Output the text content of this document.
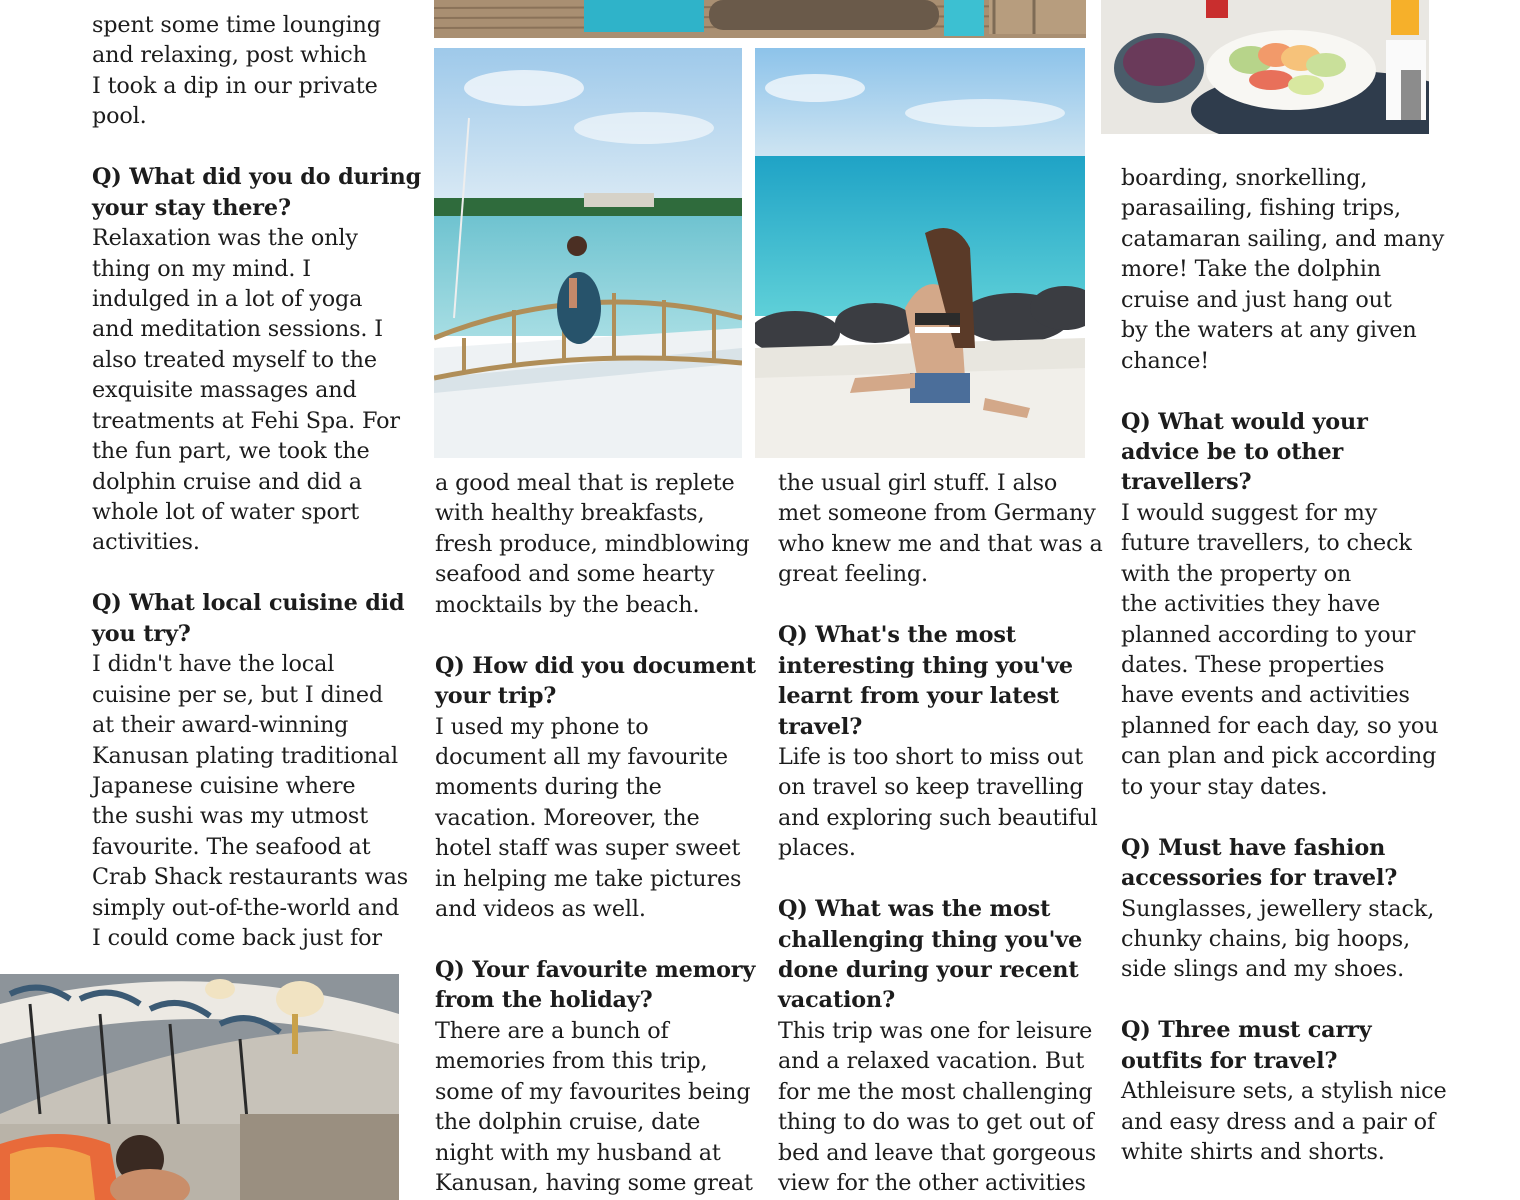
spent some time lounging
and relaxing, post which
I took a dip in our private
pool.
Q) What did you do during
your stay there?
Relaxation was the only
thing on my mind. I
indulged in a lot of yoga
and meditation sessions. I
also treated myself to the
exquisite massages and
treatments at Fehi Spa. For
the fun part, we took the
dolphin cruise and did a
whole lot of water sport
activities.
Q) What local cuisine did
you try?
I didn't have the local
cuisine per se, but I dined
at their award-winning
Kanusan plating traditional
Japanese cuisine where
the sushi was my utmost
favourite. The seafood at
Crab Shack restaurants was
simply out-of-the-world and
I could come back just for
a good meal that is replete
with healthy breakfasts,
fresh produce, mindblowing
seafood and some hearty
mocktails by the beach.
Q) How did you document
your trip?
I used my phone to
document all my favourite
moments during the
vacation. Moreover, the
hotel staff was super sweet
in helping me take pictures
and videos as well.
Q) Your favourite memory
from the holiday?
There are a bunch of
memories from this trip,
some of my favourites being
the dolphin cruise, date
night with my husband at
Kanusan, having some great
the usual girl stuff. I also
met someone from Germany
who knew me and that was a
great feeling.
Q) What's the most
interesting thing you've
learnt from your latest
travel?
Life is too short to miss out
on travel so keep travelling
and exploring such beautiful
places.
Q) What was the most
challenging thing you've
done during your recent
vacation?
This trip was one for leisure
and a relaxed vacation. But
for me the most challenging
thing to do was to get out of
bed and leave that gorgeous
view for the other activities
boarding, snorkelling,
parasailing, fishing trips,
catamaran sailing, and many
more! Take the dolphin
cruise and just hang out
by the waters at any given
chance!
Q) What would your
advice be to other
travellers?
I would suggest for my
future travellers, to check
with the property on
the activities they have
planned according to your
dates. These properties
have events and activities
planned for each day, so you
can plan and pick according
to your stay dates.
Q) Must have fashion
accessories for travel?
Sunglasses, jewellery stack,
chunky chains, big hoops,
side slings and my shoes.
Q) Three must carry
outfits for travel?
Athleisure sets, a stylish nice
and easy dress and a pair of
white shirts and shorts.
